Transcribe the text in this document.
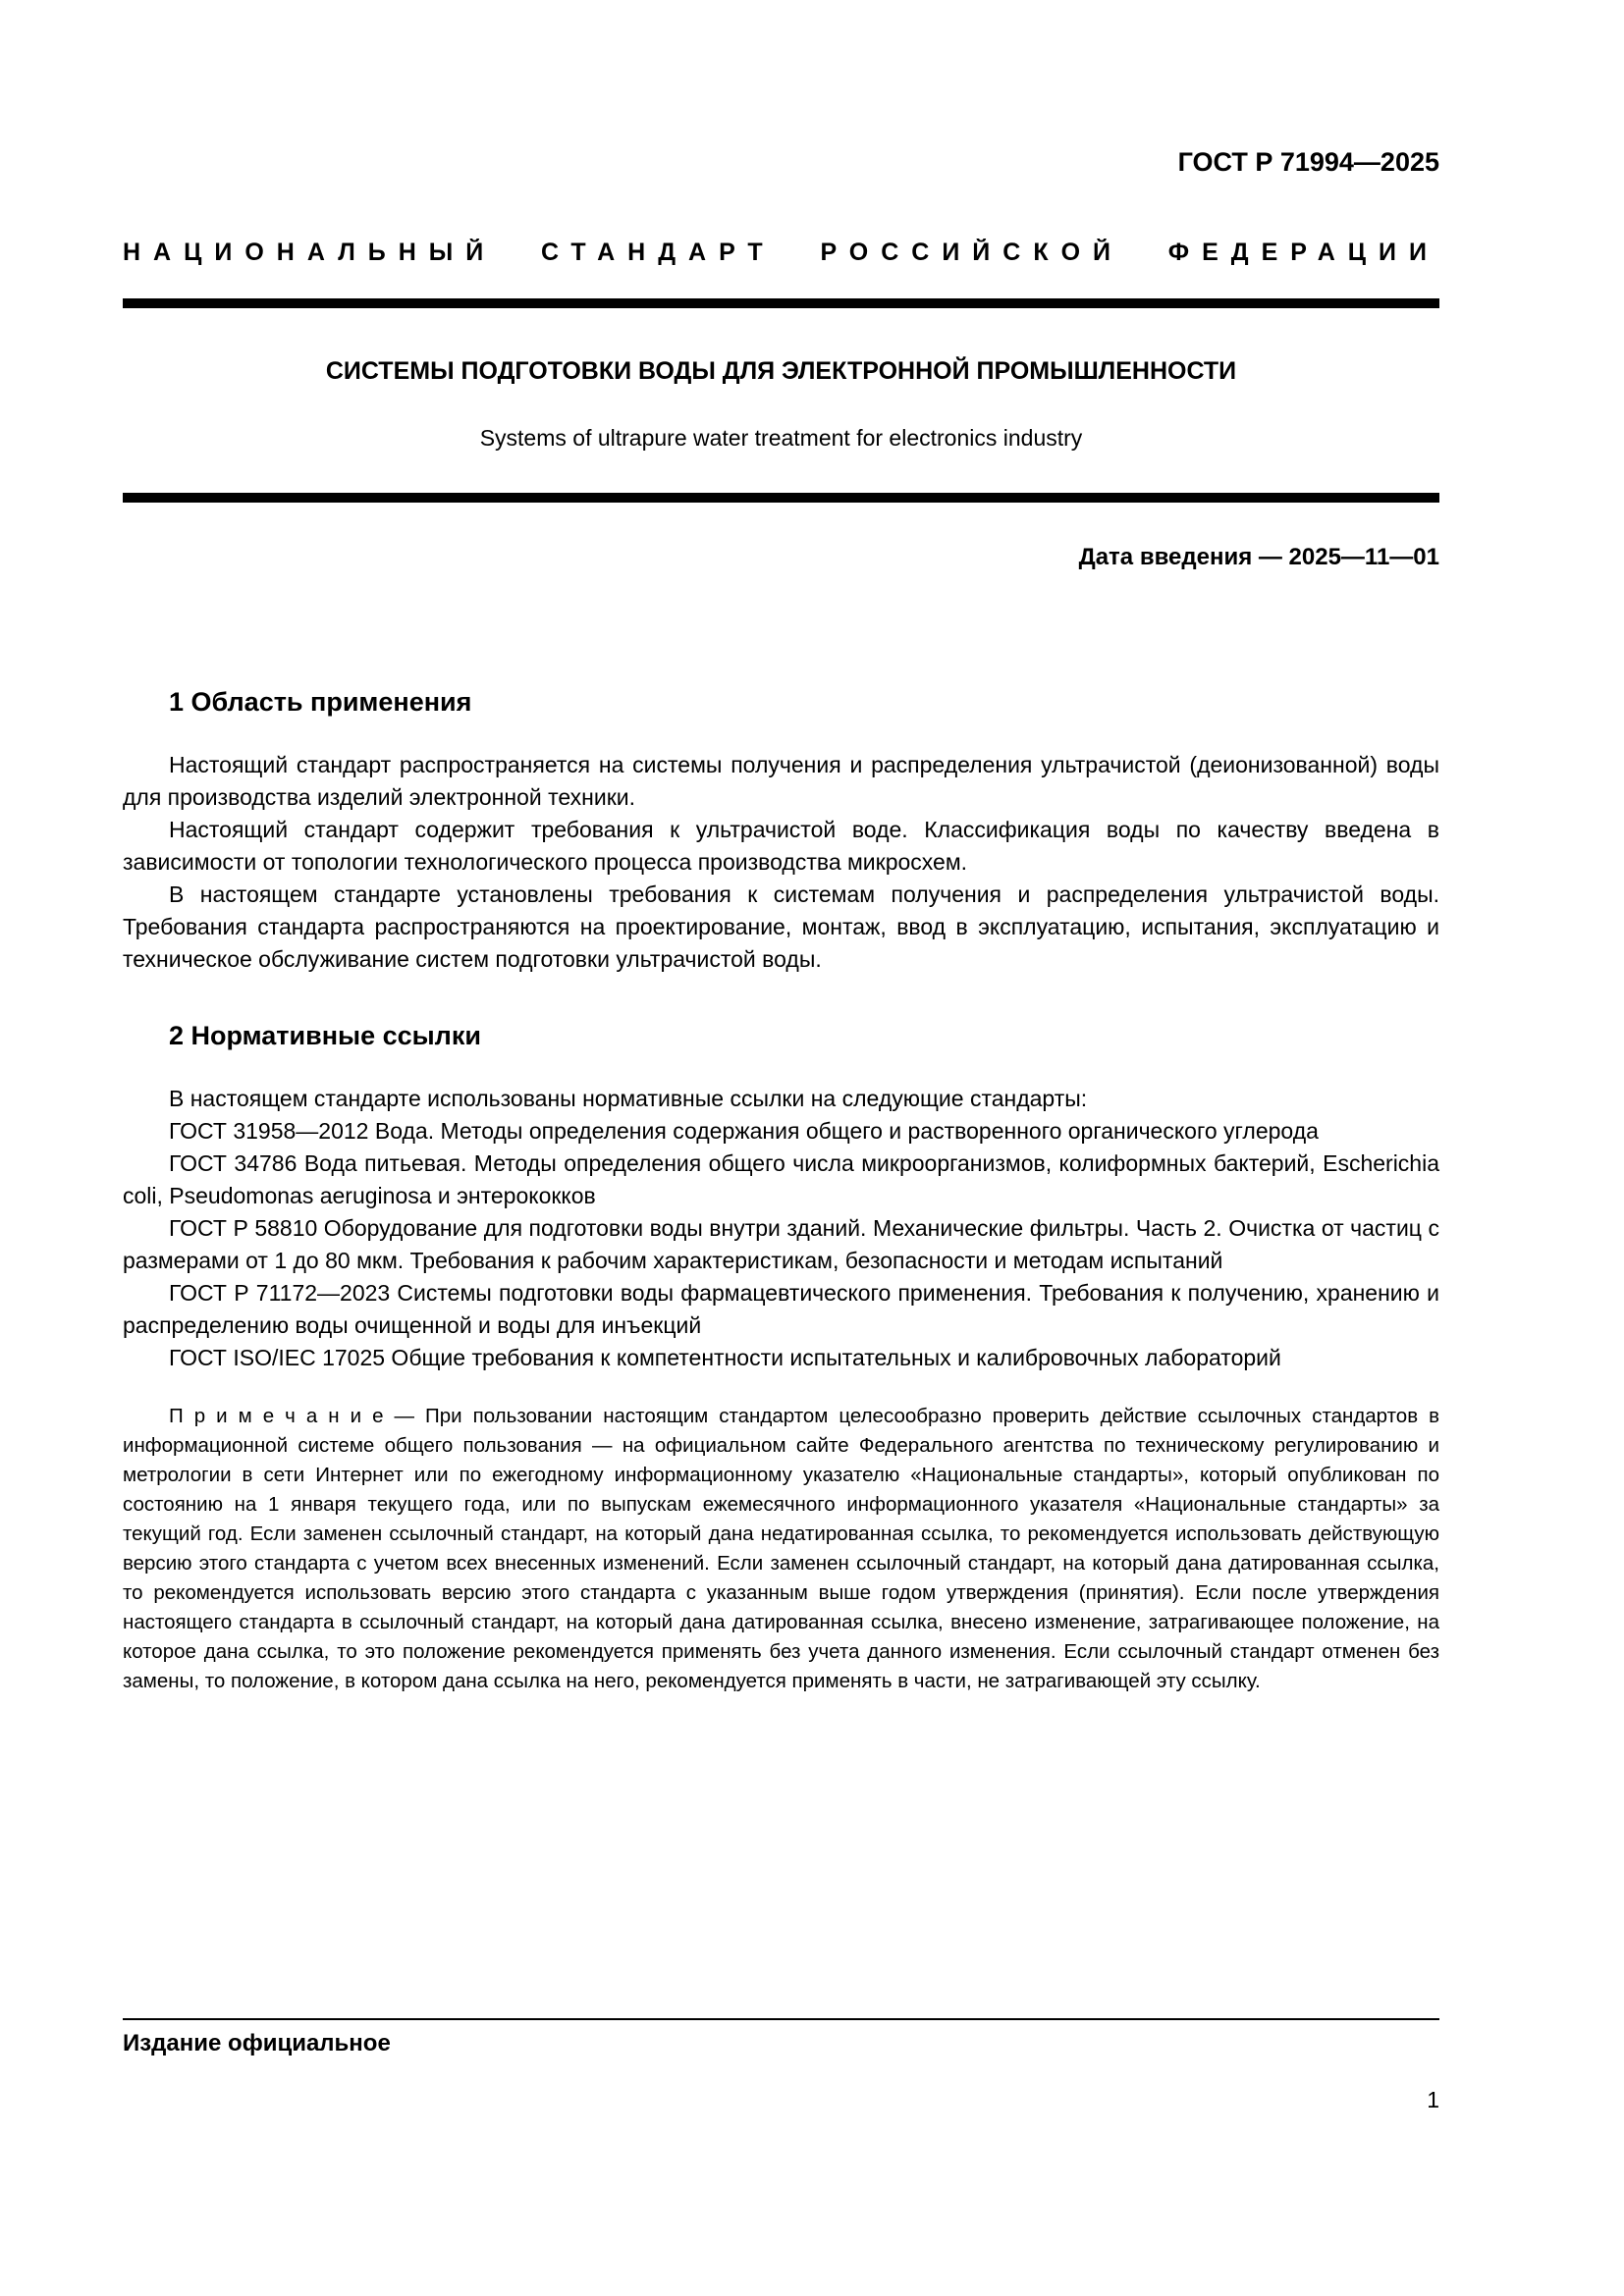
ГОСТ Р 71994—2025
НАЦИОНАЛЬНЫЙ СТАНДАРТ РОССИЙСКОЙ ФЕДЕРАЦИИ
СИСТЕМЫ ПОДГОТОВКИ ВОДЫ ДЛЯ ЭЛЕКТРОННОЙ ПРОМЫШЛЕННОСТИ
Systems of ultrapure water treatment for electronics industry
Дата введения — 2025—11—01
1 Область применения

Настоящий стандарт распространяется на системы получения и распределения ультрачистой (деионизованной) воды для производства изделий электронной техники.

Настоящий стандарт содержит требования к ультрачистой воде. Классификация воды по качеству введена в зависимости от топологии технологического процесса производства микросхем.

В настоящем стандарте установлены требования к системам получения и распределения ультрачистой воды. Требования стандарта распространяются на проектирование, монтаж, ввод в эксплуатацию, испытания, эксплуатацию и техническое обслуживание систем подготовки ультрачистой воды.

2 Нормативные ссылки

В настоящем стандарте использованы нормативные ссылки на следующие стандарты:

ГОСТ 31958—2012 Вода. Методы определения содержания общего и растворенного органического углерода

ГОСТ 34786 Вода питьевая. Методы определения общего числа микроорганизмов, колиформных бактерий, Escherichia coli, Pseudomonas aeruginosa и энтерококков

ГОСТ Р 58810 Оборудование для подготовки воды внутри зданий. Механические фильтры. Часть 2. Очистка от частиц с размерами от 1 до 80 мкм. Требования к рабочим характеристикам, безопасности и методам испытаний

ГОСТ Р 71172—2023 Системы подготовки воды фармацевтического применения. Требования к получению, хранению и распределению воды очищенной и воды для инъекций

ГОСТ ISO/IEC 17025 Общие требования к компетентности испытательных и калибровочных лабораторий

П р и м е ч а н и е — При пользовании настоящим стандартом целесообразно проверить действие ссылочных стандартов в информационной системе общего пользования — на официальном сайте Федерального агентства по техническому регулированию и метрологии в сети Интернет или по ежегодному информационному указателю «Национальные стандарты», который опубликован по состоянию на 1 января текущего года, или по выпускам ежемесячного информационного указателя «Национальные стандарты» за текущий год. Если заменен ссылочный стандарт, на который дана недатированная ссылка, то рекомендуется использовать действующую версию этого стандарта с учетом всех внесенных изменений. Если заменен ссылочный стандарт, на который дана датированная ссылка, то рекомендуется использовать версию этого стандарта с указанным выше годом утверждения (принятия). Если после утверждения настоящего стандарта в ссылочный стандарт, на который дана датированная ссылка, внесено изменение, затрагивающее положение, на которое дана ссылка, то это положение рекомендуется применять без учета данного изменения. Если ссылочный стандарт отменен без замены, то положение, в котором дана ссылка на него, рекомендуется применять в части, не затрагивающей эту ссылку.

Издание официальное
1
